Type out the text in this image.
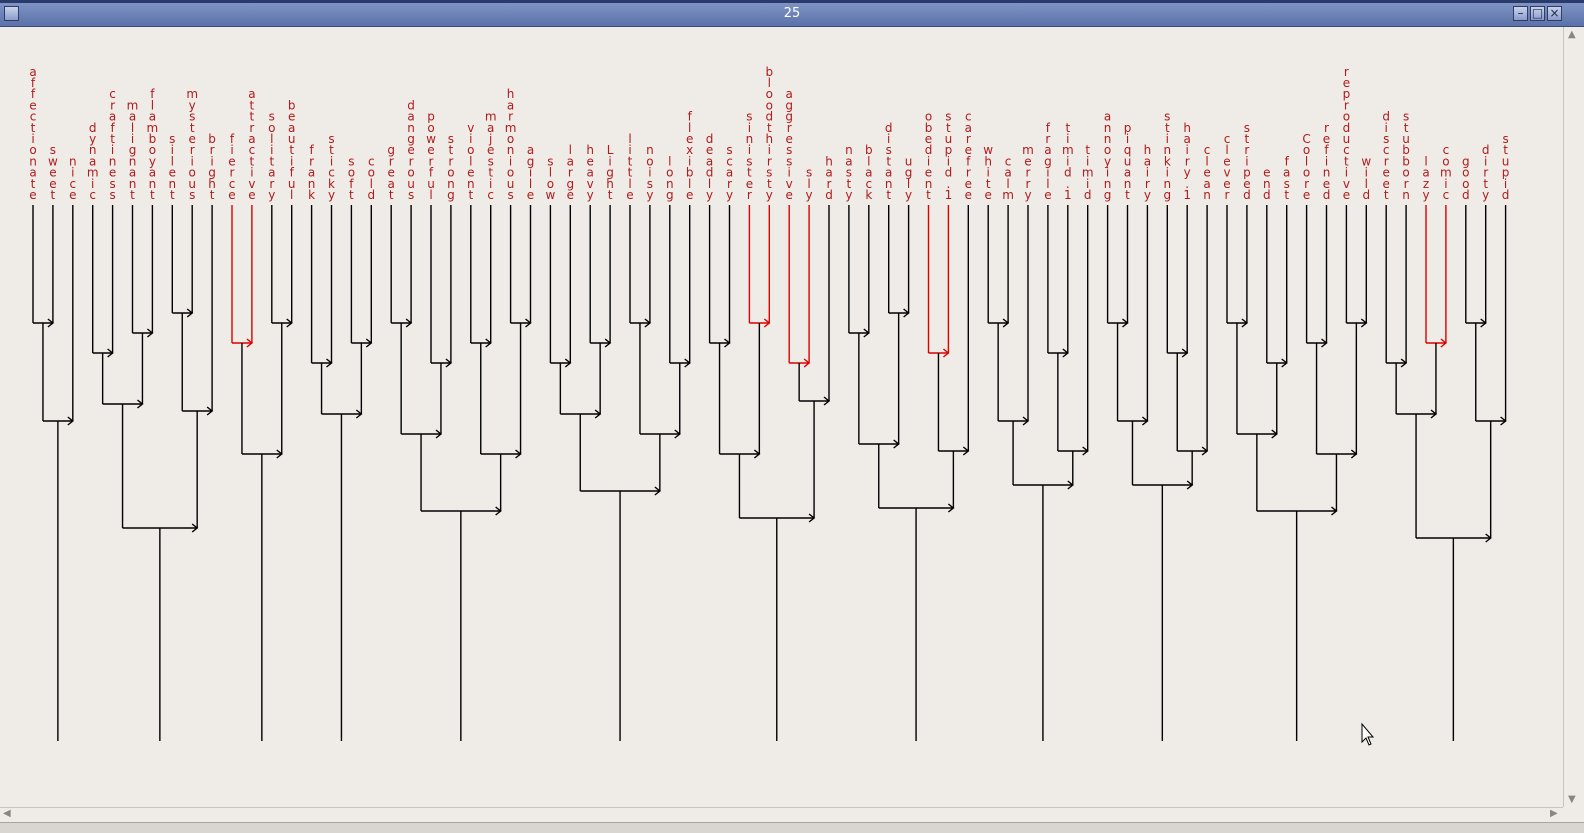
25	– □ ×
a f f e c t i o n a t e
s w e e t
n i c e
d y n a m i c
c r a f t i n e s s
m a l i g n a n t
f l a m b o y a n t
s i l e n t
m y s t e r i o u s
b r i g h t
f i e r c e
a t t r a c t i v e
s o l i t a r y
b e a u t i f u l
f r a n k
s t i c k y
s o f t
c o l d
g r e a t
d a n g e r o u s
p o w e r f u l
s t r o n g
v i o l e n t
m a j e s t i c
h a r m o n i o u s
a g i l e
s l o w
l a r g e
h e a v y
L i g h t
l i t t l e
n o i s y
l o n g
f l e x i b l e
d e a d l y
s c a r y
s i n i s t e r
b l o o d t h i r s t y
a g g r e s s i v e
s l y
h a r d
n a s t y
b l a c k
d i s t a n t
u g l y
o b e d i e n t
s t u p i d . 1
c a r e f r e e
w h i t e
c a l m
m e r r y
f r a g i l e
t i m i d . 1
t i m i d
a n n o y i n g
p i q u a n t
h a i r y
s t i n k i n g
h a i r y . 1
c l e a n
c l e v e r
s t r i p e d
e n d
f a s t
C o l o r e
r e f i n e d
r e p r o d u c t i v e
w i l d
d i s c r e e t
s t u b b o r n
l a z y
c o m i c
g o o d
d i r t y
s t u p i d
▲
▼
◀	▶
